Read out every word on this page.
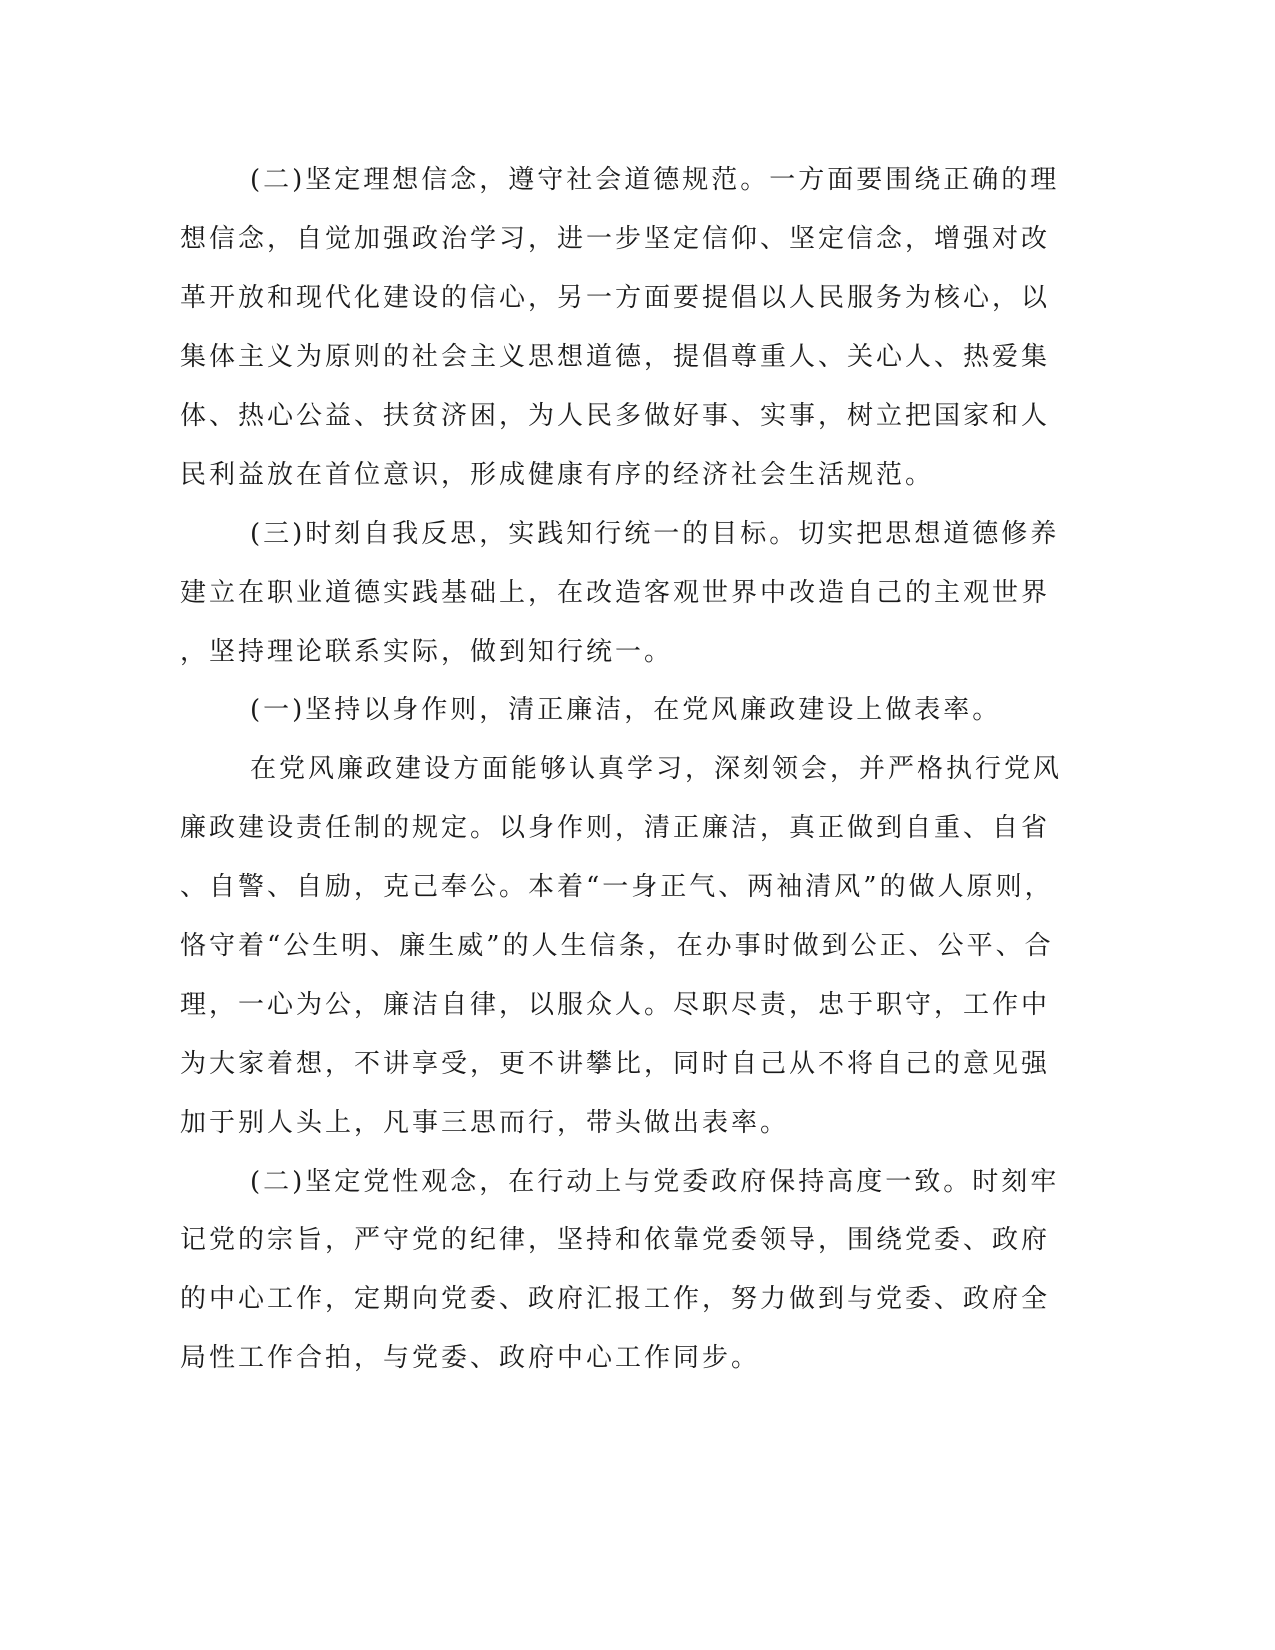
(二)坚定理想信念，遵守社会道德规范。一方面要围绕正确的理

想信念，自觉加强政治学习，进一步坚定信仰、坚定信念，增强对改

革开放和现代化建设的信心，另一方面要提倡以人民服务为核心，以

集体主义为原则的社会主义思想道德，提倡尊重人、关心人、热爱集

体、热心公益、扶贫济困，为人民多做好事、实事，树立把国家和人

民利益放在首位意识，形成健康有序的经济社会生活规范。

(三)时刻自我反思，实践知行统一的目标。切实把思想道德修养

建立在职业道德实践基础上，在改造客观世界中改造自己的主观世界

，坚持理论联系实际，做到知行统一。

(一)坚持以身作则，清正廉洁，在党风廉政建设上做表率。

在党风廉政建设方面能够认真学习，深刻领会，并严格执行党风

廉政建设责任制的规定。以身作则，清正廉洁，真正做到自重、自省

、自警、自励，克己奉公。本着“一身正气、两袖清风”的做人原则，

恪守着“公生明、廉生威”的人生信条，在办事时做到公正、公平、合

理，一心为公，廉洁自律，以服众人。尽职尽责，忠于职守，工作中

为大家着想，不讲享受，更不讲攀比，同时自己从不将自己的意见强

加于别人头上，凡事三思而行，带头做出表率。

(二)坚定党性观念，在行动上与党委政府保持高度一致。时刻牢

记党的宗旨，严守党的纪律，坚持和依靠党委领导，围绕党委、政府

的中心工作，定期向党委、政府汇报工作，努力做到与党委、政府全

局性工作合拍，与党委、政府中心工作同步。
